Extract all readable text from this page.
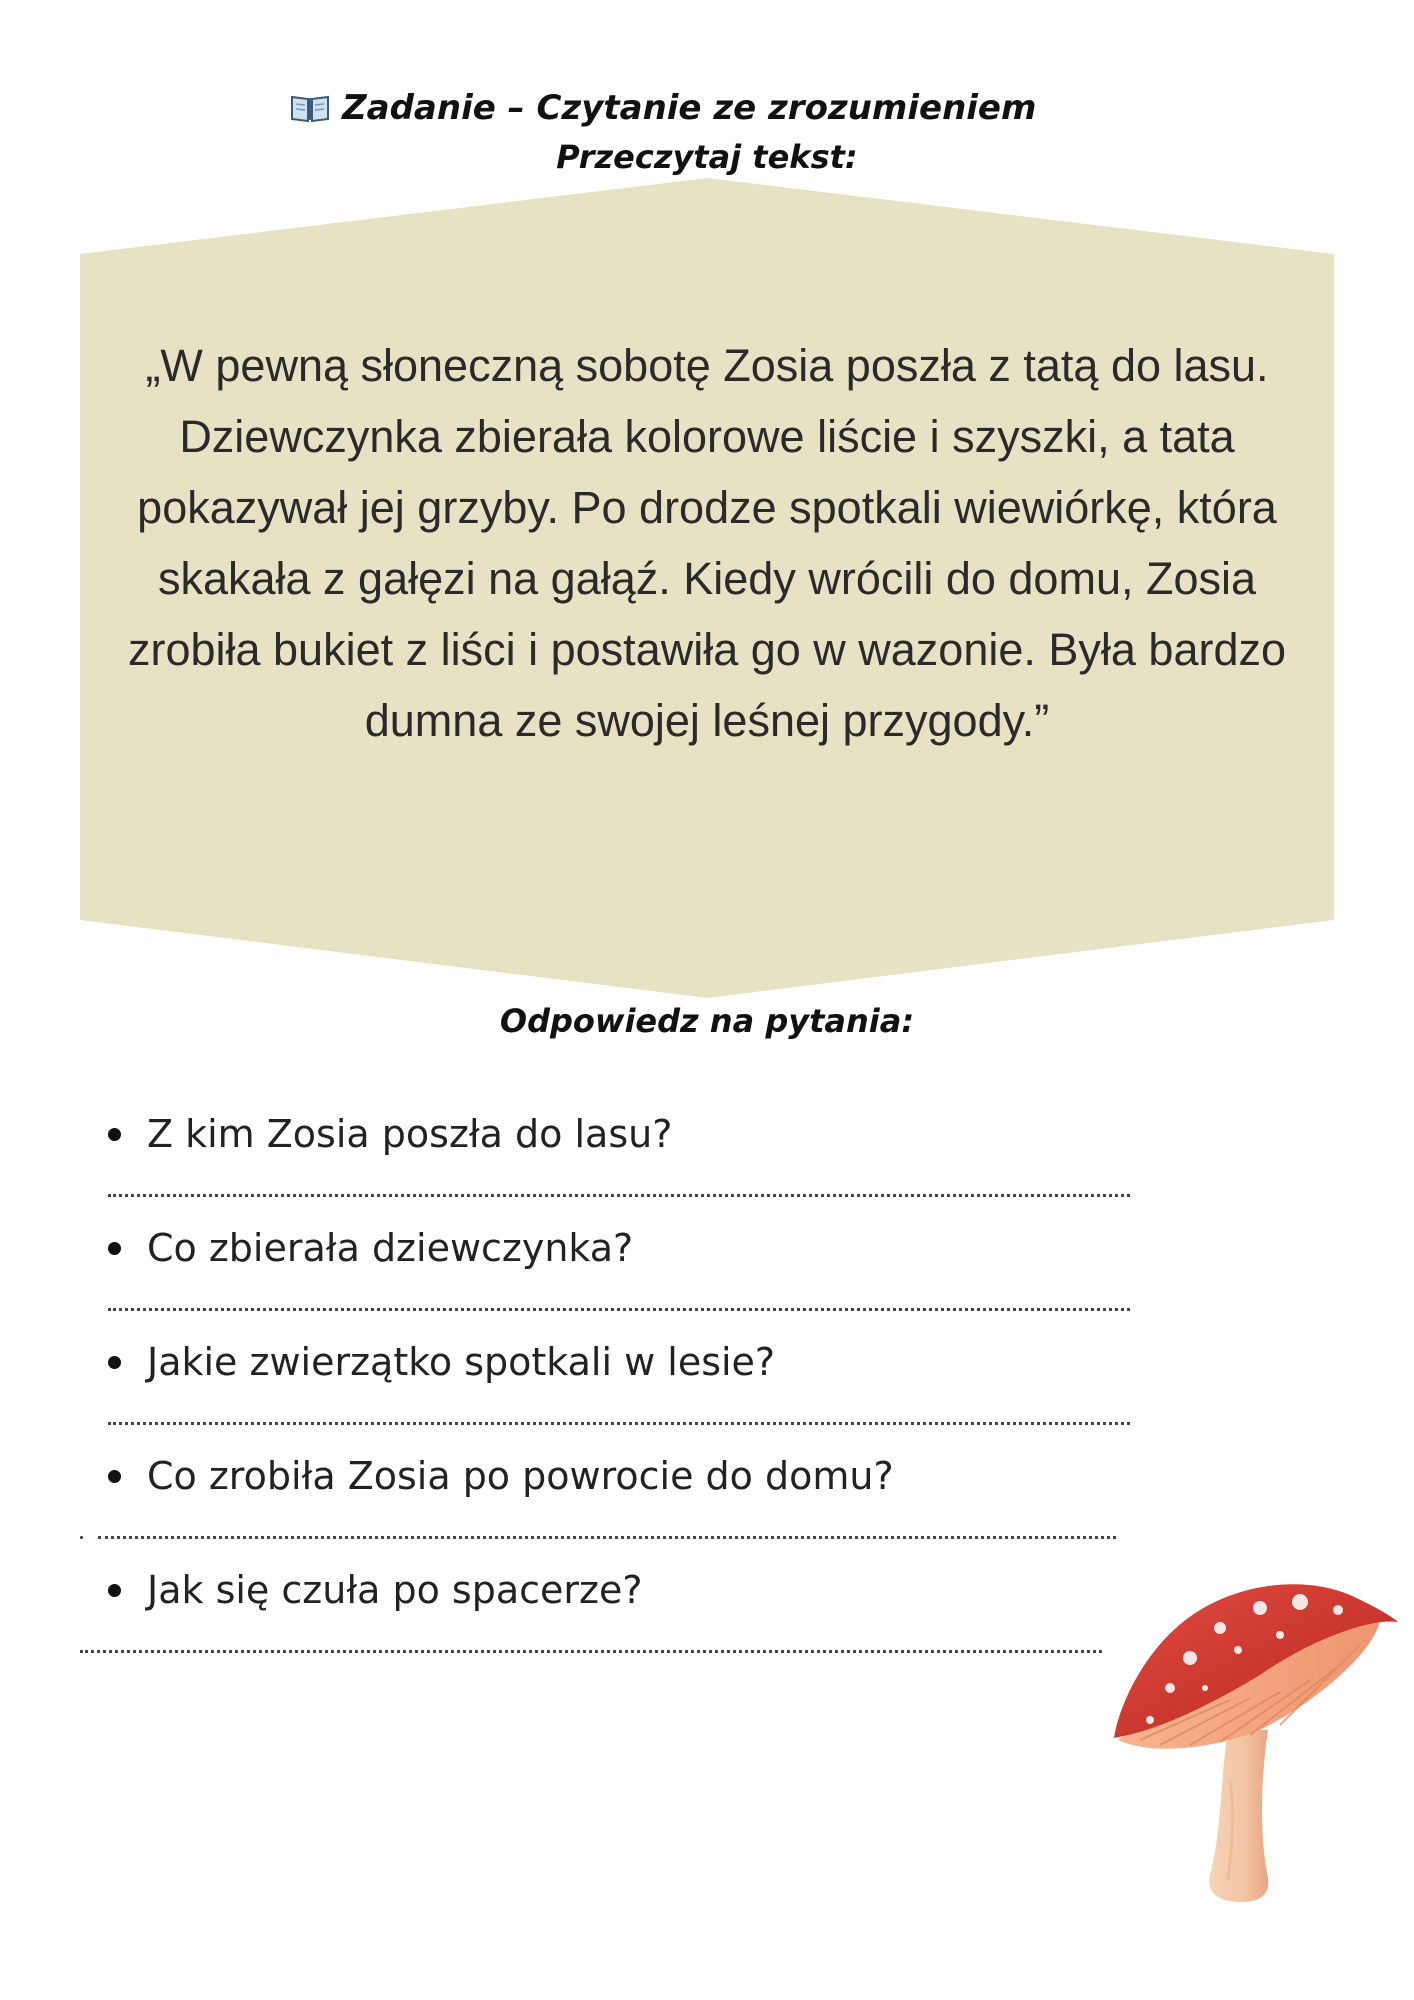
Zadanie – Czytanie ze zrozumieniem
Przeczytaj tekst:
„W pewną słoneczną sobotę Zosia poszła z tatą do lasu.
Dziewczynka zbierała kolorowe liście i szyszki, a tata
pokazywał jej grzyby. Po drodze spotkali wiewiórkę, która
skakała z gałęzi na gałąź. Kiedy wrócili do domu, Zosia
zrobiła bukiet z liści i postawiła go w wazonie. Była bardzo
dumna ze swojej leśnej przygody.”
Odpowiedz na pytania:
Z kim Zosia poszła do lasu?
Co zbierała dziewczynka?
Jakie zwierzątko spotkali w lesie?
Co zrobiła Zosia po powrocie do domu?
Jak się czuła po spacerze?
